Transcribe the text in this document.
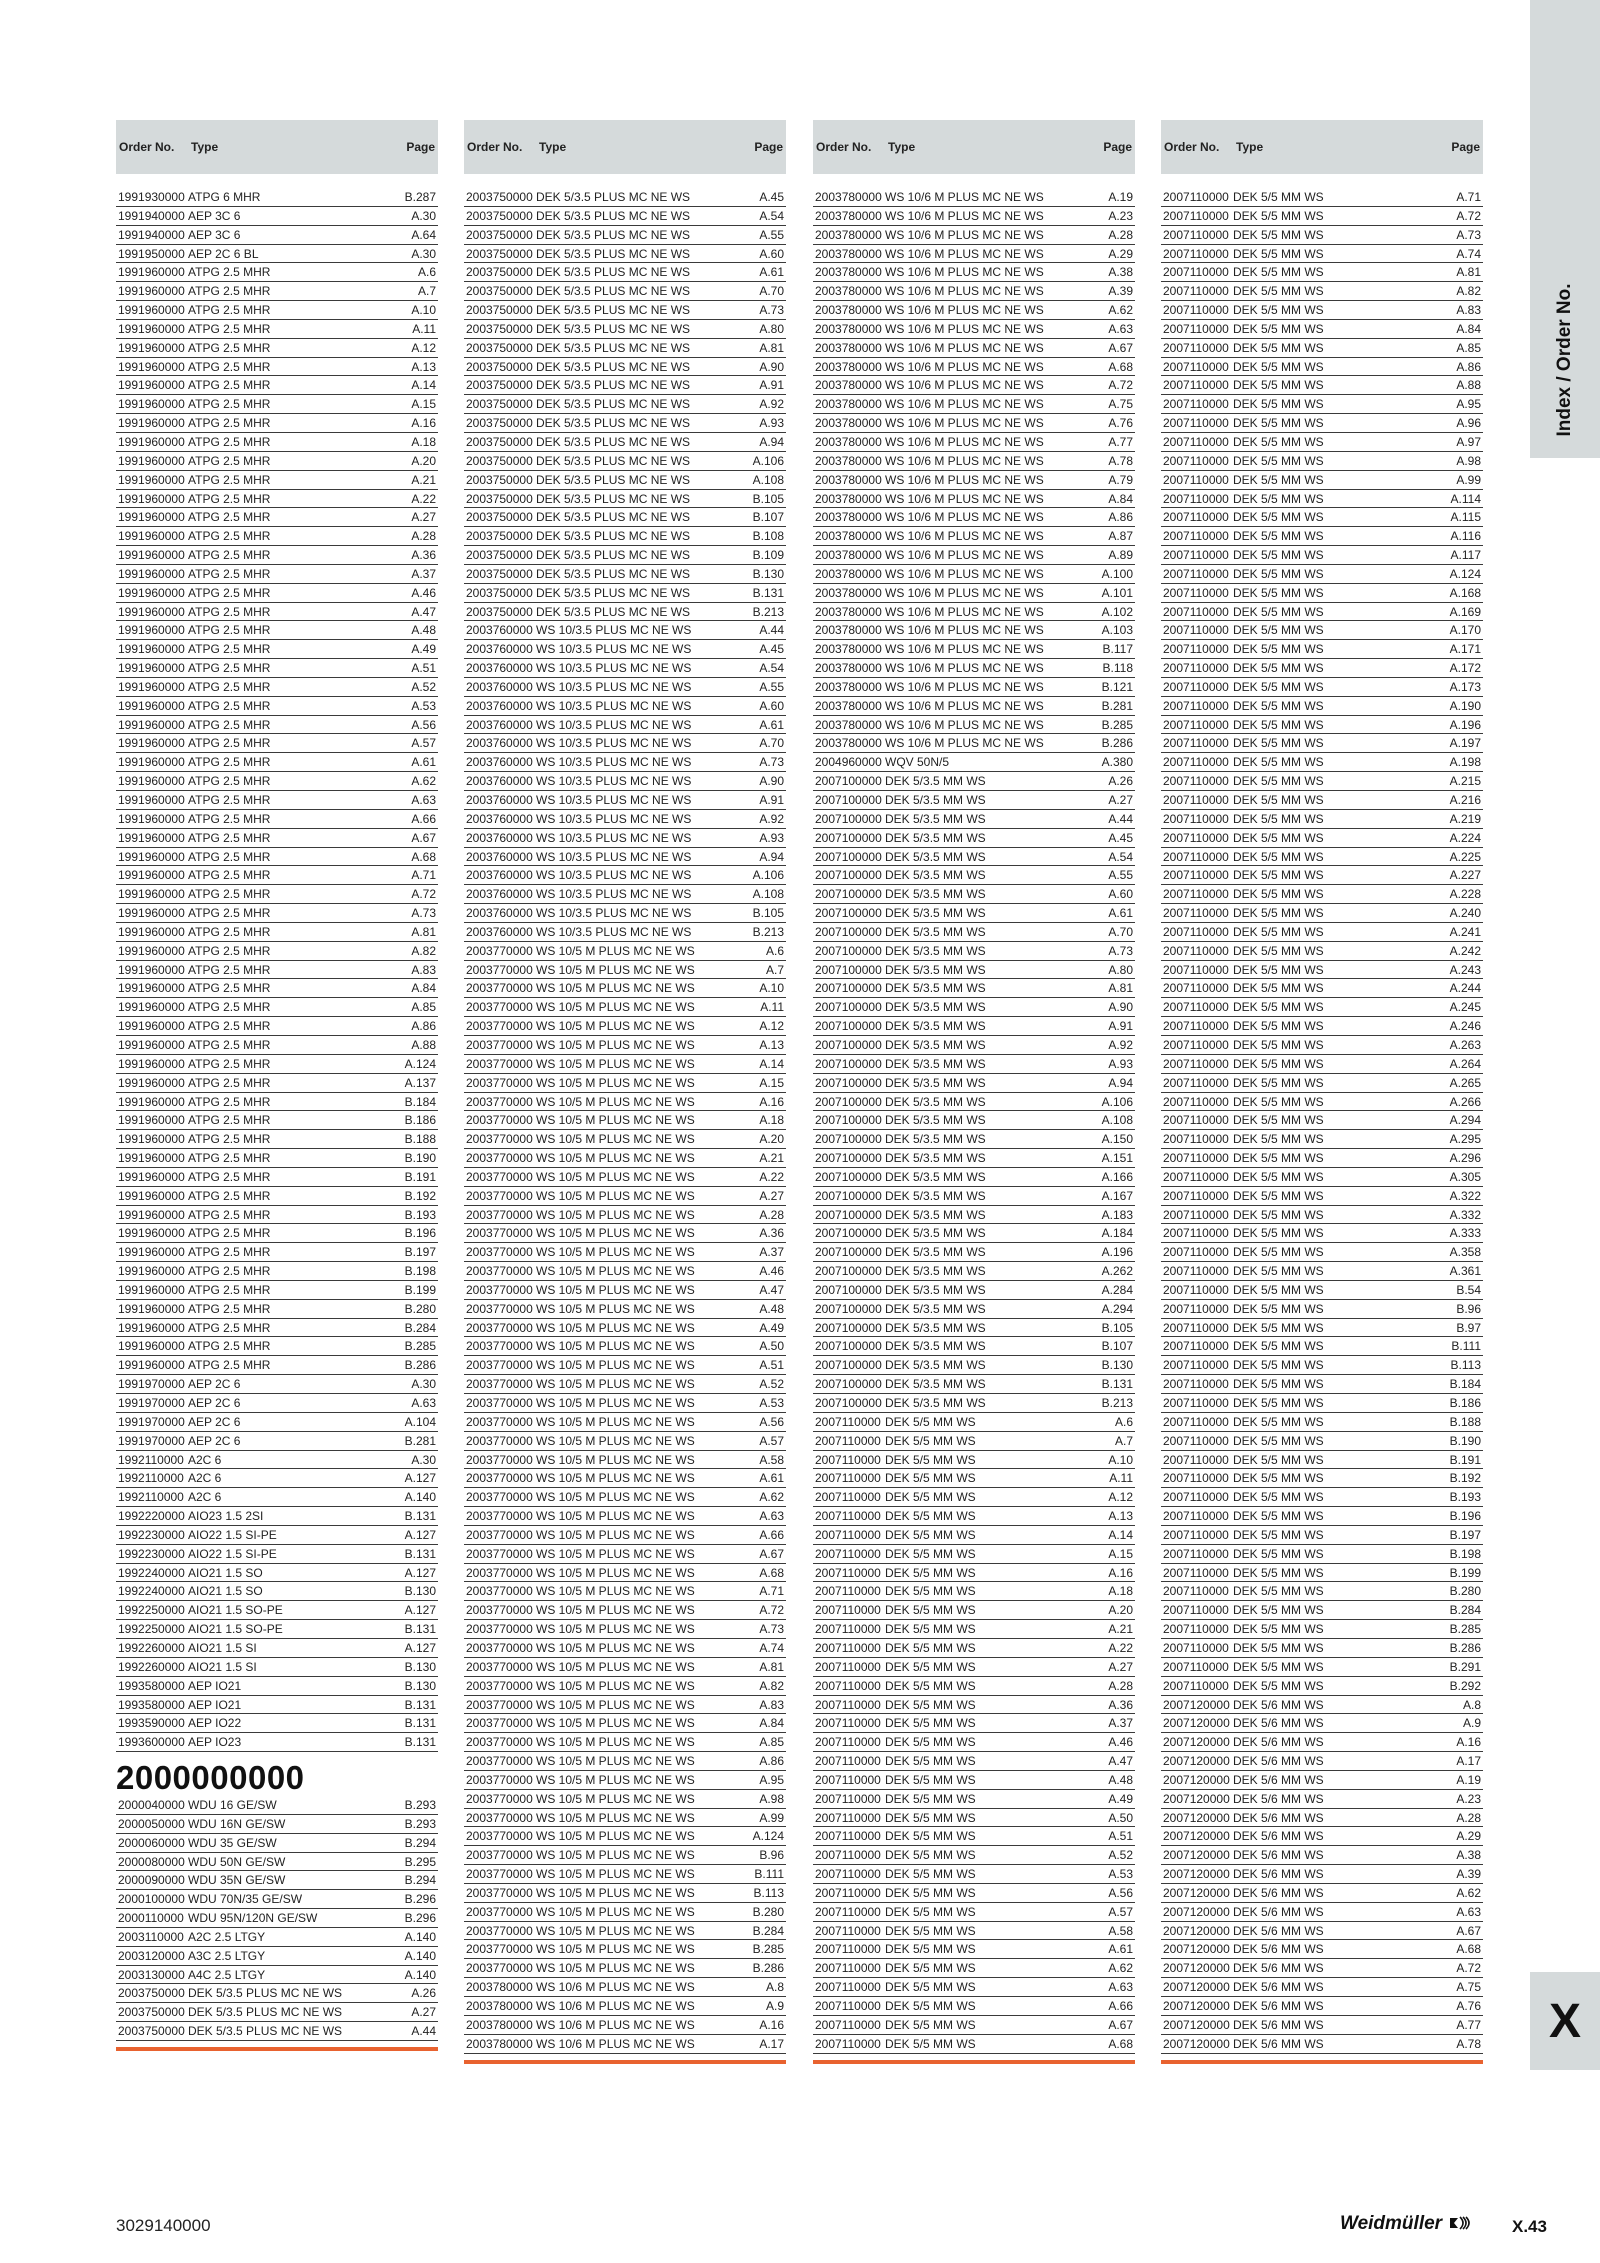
Order No.	Type	Page
1991930000 ATPG 6 MHR	B.287
1991940000 AEP 3C 6	A.30
1991940000 AEP 3C 6	A.64
1991950000 AEP 2C 6 BL	A.30
1991960000 ATPG 2.5 MHR	A.6
1991960000 ATPG 2.5 MHR	A.7
1991960000 ATPG 2.5 MHR	A.10
1991960000 ATPG 2.5 MHR	A.11
1991960000 ATPG 2.5 MHR	A.12
1991960000 ATPG 2.5 MHR	A.13
1991960000 ATPG 2.5 MHR	A.14
1991960000 ATPG 2.5 MHR	A.15
1991960000 ATPG 2.5 MHR	A.16
1991960000 ATPG 2.5 MHR	A.18
1991960000 ATPG 2.5 MHR	A.20
1991960000 ATPG 2.5 MHR	A.21
1991960000 ATPG 2.5 MHR	A.22
1991960000 ATPG 2.5 MHR	A.27
1991960000 ATPG 2.5 MHR	A.28
1991960000 ATPG 2.5 MHR	A.36
1991960000 ATPG 2.5 MHR	A.37
1991960000 ATPG 2.5 MHR	A.46
1991960000 ATPG 2.5 MHR	A.47
1991960000 ATPG 2.5 MHR	A.48
1991960000 ATPG 2.5 MHR	A.49
1991960000 ATPG 2.5 MHR	A.51
1991960000 ATPG 2.5 MHR	A.52
1991960000 ATPG 2.5 MHR	A.53
1991960000 ATPG 2.5 MHR	A.56
1991960000 ATPG 2.5 MHR	A.57
1991960000 ATPG 2.5 MHR	A.61
1991960000 ATPG 2.5 MHR	A.62
1991960000 ATPG 2.5 MHR	A.63
1991960000 ATPG 2.5 MHR	A.66
1991960000 ATPG 2.5 MHR	A.67
1991960000 ATPG 2.5 MHR	A.68
1991960000 ATPG 2.5 MHR	A.71
1991960000 ATPG 2.5 MHR	A.72
1991960000 ATPG 2.5 MHR	A.73
1991960000 ATPG 2.5 MHR	A.81
1991960000 ATPG 2.5 MHR	A.82
1991960000 ATPG 2.5 MHR	A.83
1991960000 ATPG 2.5 MHR	A.84
1991960000 ATPG 2.5 MHR	A.85
1991960000 ATPG 2.5 MHR	A.86
1991960000 ATPG 2.5 MHR	A.88
1991960000 ATPG 2.5 MHR	A.124
1991960000 ATPG 2.5 MHR	A.137
1991960000 ATPG 2.5 MHR	B.184
1991960000 ATPG 2.5 MHR	B.186
1991960000 ATPG 2.5 MHR	B.188
1991960000 ATPG 2.5 MHR	B.190
1991960000 ATPG 2.5 MHR	B.191
1991960000 ATPG 2.5 MHR	B.192
1991960000 ATPG 2.5 MHR	B.193
1991960000 ATPG 2.5 MHR	B.196
1991960000 ATPG 2.5 MHR	B.197
1991960000 ATPG 2.5 MHR	B.198
1991960000 ATPG 2.5 MHR	B.199
1991960000 ATPG 2.5 MHR	B.280
1991960000 ATPG 2.5 MHR	B.284
1991960000 ATPG 2.5 MHR	B.285
1991960000 ATPG 2.5 MHR	B.286
1991970000 AEP 2C 6	A.30
1991970000 AEP 2C 6	A.63
1991970000 AEP 2C 6	A.104
1991970000 AEP 2C 6	B.281
1992110000 A2C 6	A.30
1992110000 A2C 6	A.127
1992110000 A2C 6	A.140
1992220000 AIO23 1.5 2SI	B.131
1992230000 AIO22 1.5 SI-PE	A.127
1992230000 AIO22 1.5 SI-PE	B.131
1992240000 AIO21 1.5 SO	A.127
1992240000 AIO21 1.5 SO	B.130
1992250000 AIO21 1.5 SO-PE	A.127
1992250000 AIO21 1.5 SO-PE	B.131
1992260000 AIO21 1.5 SI	A.127
1992260000 AIO21 1.5 SI	B.130
1993580000 AEP IO21	B.130
1993580000 AEP IO21	B.131
1993590000 AEP IO22	B.131
1993600000 AEP IO23	B.131
2000000000
2000040000 WDU 16 GE/SW	B.293
2000050000 WDU 16N GE/SW	B.293
2000060000 WDU 35 GE/SW	B.294
2000080000 WDU 50N GE/SW	B.295
2000090000 WDU 35N GE/SW	B.294
2000100000 WDU 70N/35 GE/SW	B.296
2000110000 WDU 95N/120N GE/SW	B.296
2003110000 A2C 2.5 LTGY	A.140
2003120000 A3C 2.5 LTGY	A.140
2003130000 A4C 2.5 LTGY	A.140
2003750000 DEK 5/3.5 PLUS MC NE WS	A.26
2003750000 DEK 5/3.5 PLUS MC NE WS	A.27
2003750000 DEK 5/3.5 PLUS MC NE WS	A.44
Order No.	Type	Page
2003750000 DEK 5/3.5 PLUS MC NE WS	A.45
2003750000 DEK 5/3.5 PLUS MC NE WS	A.54
2003750000 DEK 5/3.5 PLUS MC NE WS	A.55
2003750000 DEK 5/3.5 PLUS MC NE WS	A.60
2003750000 DEK 5/3.5 PLUS MC NE WS	A.61
2003750000 DEK 5/3.5 PLUS MC NE WS	A.70
2003750000 DEK 5/3.5 PLUS MC NE WS	A.73
2003750000 DEK 5/3.5 PLUS MC NE WS	A.80
2003750000 DEK 5/3.5 PLUS MC NE WS	A.81
2003750000 DEK 5/3.5 PLUS MC NE WS	A.90
2003750000 DEK 5/3.5 PLUS MC NE WS	A.91
2003750000 DEK 5/3.5 PLUS MC NE WS	A.92
2003750000 DEK 5/3.5 PLUS MC NE WS	A.93
2003750000 DEK 5/3.5 PLUS MC NE WS	A.94
2003750000 DEK 5/3.5 PLUS MC NE WS	A.106
2003750000 DEK 5/3.5 PLUS MC NE WS	A.108
2003750000 DEK 5/3.5 PLUS MC NE WS	B.105
2003750000 DEK 5/3.5 PLUS MC NE WS	B.107
2003750000 DEK 5/3.5 PLUS MC NE WS	B.108
2003750000 DEK 5/3.5 PLUS MC NE WS	B.109
2003750000 DEK 5/3.5 PLUS MC NE WS	B.130
2003750000 DEK 5/3.5 PLUS MC NE WS	B.131
2003750000 DEK 5/3.5 PLUS MC NE WS	B.213
2003760000 WS 10/3.5 PLUS MC NE WS	A.44
2003760000 WS 10/3.5 PLUS MC NE WS	A.45
2003760000 WS 10/3.5 PLUS MC NE WS	A.54
2003760000 WS 10/3.5 PLUS MC NE WS	A.55
2003760000 WS 10/3.5 PLUS MC NE WS	A.60
2003760000 WS 10/3.5 PLUS MC NE WS	A.61
2003760000 WS 10/3.5 PLUS MC NE WS	A.70
2003760000 WS 10/3.5 PLUS MC NE WS	A.73
2003760000 WS 10/3.5 PLUS MC NE WS	A.90
2003760000 WS 10/3.5 PLUS MC NE WS	A.91
2003760000 WS 10/3.5 PLUS MC NE WS	A.92
2003760000 WS 10/3.5 PLUS MC NE WS	A.93
2003760000 WS 10/3.5 PLUS MC NE WS	A.94
2003760000 WS 10/3.5 PLUS MC NE WS	A.106
2003760000 WS 10/3.5 PLUS MC NE WS	A.108
2003760000 WS 10/3.5 PLUS MC NE WS	B.105
2003760000 WS 10/3.5 PLUS MC NE WS	B.213
2003770000 WS 10/5 M PLUS MC NE WS	A.6
2003770000 WS 10/5 M PLUS MC NE WS	A.7
2003770000 WS 10/5 M PLUS MC NE WS	A.10
2003770000 WS 10/5 M PLUS MC NE WS	A.11
2003770000 WS 10/5 M PLUS MC NE WS	A.12
2003770000 WS 10/5 M PLUS MC NE WS	A.13
2003770000 WS 10/5 M PLUS MC NE WS	A.14
2003770000 WS 10/5 M PLUS MC NE WS	A.15
2003770000 WS 10/5 M PLUS MC NE WS	A.16
2003770000 WS 10/5 M PLUS MC NE WS	A.18
2003770000 WS 10/5 M PLUS MC NE WS	A.20
2003770000 WS 10/5 M PLUS MC NE WS	A.21
2003770000 WS 10/5 M PLUS MC NE WS	A.22
2003770000 WS 10/5 M PLUS MC NE WS	A.27
2003770000 WS 10/5 M PLUS MC NE WS	A.28
2003770000 WS 10/5 M PLUS MC NE WS	A.36
2003770000 WS 10/5 M PLUS MC NE WS	A.37
2003770000 WS 10/5 M PLUS MC NE WS	A.46
2003770000 WS 10/5 M PLUS MC NE WS	A.47
2003770000 WS 10/5 M PLUS MC NE WS	A.48
2003770000 WS 10/5 M PLUS MC NE WS	A.49
2003770000 WS 10/5 M PLUS MC NE WS	A.50
2003770000 WS 10/5 M PLUS MC NE WS	A.51
2003770000 WS 10/5 M PLUS MC NE WS	A.52
2003770000 WS 10/5 M PLUS MC NE WS	A.53
2003770000 WS 10/5 M PLUS MC NE WS	A.56
2003770000 WS 10/5 M PLUS MC NE WS	A.57
2003770000 WS 10/5 M PLUS MC NE WS	A.58
2003770000 WS 10/5 M PLUS MC NE WS	A.61
2003770000 WS 10/5 M PLUS MC NE WS	A.62
2003770000 WS 10/5 M PLUS MC NE WS	A.63
2003770000 WS 10/5 M PLUS MC NE WS	A.66
2003770000 WS 10/5 M PLUS MC NE WS	A.67
2003770000 WS 10/5 M PLUS MC NE WS	A.68
2003770000 WS 10/5 M PLUS MC NE WS	A.71
2003770000 WS 10/5 M PLUS MC NE WS	A.72
2003770000 WS 10/5 M PLUS MC NE WS	A.73
2003770000 WS 10/5 M PLUS MC NE WS	A.74
2003770000 WS 10/5 M PLUS MC NE WS	A.81
2003770000 WS 10/5 M PLUS MC NE WS	A.82
2003770000 WS 10/5 M PLUS MC NE WS	A.83
2003770000 WS 10/5 M PLUS MC NE WS	A.84
2003770000 WS 10/5 M PLUS MC NE WS	A.85
2003770000 WS 10/5 M PLUS MC NE WS	A.86
2003770000 WS 10/5 M PLUS MC NE WS	A.95
2003770000 WS 10/5 M PLUS MC NE WS	A.98
2003770000 WS 10/5 M PLUS MC NE WS	A.99
2003770000 WS 10/5 M PLUS MC NE WS	A.124
2003770000 WS 10/5 M PLUS MC NE WS	B.96
2003770000 WS 10/5 M PLUS MC NE WS	B.111
2003770000 WS 10/5 M PLUS MC NE WS	B.113
2003770000 WS 10/5 M PLUS MC NE WS	B.280
2003770000 WS 10/5 M PLUS MC NE WS	B.284
2003770000 WS 10/5 M PLUS MC NE WS	B.285
2003770000 WS 10/5 M PLUS MC NE WS	B.286
2003780000 WS 10/6 M PLUS MC NE WS	A.8
2003780000 WS 10/6 M PLUS MC NE WS	A.9
2003780000 WS 10/6 M PLUS MC NE WS	A.16
2003780000 WS 10/6 M PLUS MC NE WS	A.17
Order No.	Type	Page
2003780000 WS 10/6 M PLUS MC NE WS	A.19
2003780000 WS 10/6 M PLUS MC NE WS	A.23
2003780000 WS 10/6 M PLUS MC NE WS	A.28
2003780000 WS 10/6 M PLUS MC NE WS	A.29
2003780000 WS 10/6 M PLUS MC NE WS	A.38
2003780000 WS 10/6 M PLUS MC NE WS	A.39
2003780000 WS 10/6 M PLUS MC NE WS	A.62
2003780000 WS 10/6 M PLUS MC NE WS	A.63
2003780000 WS 10/6 M PLUS MC NE WS	A.67
2003780000 WS 10/6 M PLUS MC NE WS	A.68
2003780000 WS 10/6 M PLUS MC NE WS	A.72
2003780000 WS 10/6 M PLUS MC NE WS	A.75
2003780000 WS 10/6 M PLUS MC NE WS	A.76
2003780000 WS 10/6 M PLUS MC NE WS	A.77
2003780000 WS 10/6 M PLUS MC NE WS	A.78
2003780000 WS 10/6 M PLUS MC NE WS	A.79
2003780000 WS 10/6 M PLUS MC NE WS	A.84
2003780000 WS 10/6 M PLUS MC NE WS	A.86
2003780000 WS 10/6 M PLUS MC NE WS	A.87
2003780000 WS 10/6 M PLUS MC NE WS	A.89
2003780000 WS 10/6 M PLUS MC NE WS	A.100
2003780000 WS 10/6 M PLUS MC NE WS	A.101
2003780000 WS 10/6 M PLUS MC NE WS	A.102
2003780000 WS 10/6 M PLUS MC NE WS	A.103
2003780000 WS 10/6 M PLUS MC NE WS	B.117
2003780000 WS 10/6 M PLUS MC NE WS	B.118
2003780000 WS 10/6 M PLUS MC NE WS	B.121
2003780000 WS 10/6 M PLUS MC NE WS	B.281
2003780000 WS 10/6 M PLUS MC NE WS	B.285
2003780000 WS 10/6 M PLUS MC NE WS	B.286
2004960000 WQV 50N/5	A.380
2007100000 DEK 5/3.5 MM WS	A.26
2007100000 DEK 5/3.5 MM WS	A.27
2007100000 DEK 5/3.5 MM WS	A.44
2007100000 DEK 5/3.5 MM WS	A.45
2007100000 DEK 5/3.5 MM WS	A.54
2007100000 DEK 5/3.5 MM WS	A.55
2007100000 DEK 5/3.5 MM WS	A.60
2007100000 DEK 5/3.5 MM WS	A.61
2007100000 DEK 5/3.5 MM WS	A.70
2007100000 DEK 5/3.5 MM WS	A.73
2007100000 DEK 5/3.5 MM WS	A.80
2007100000 DEK 5/3.5 MM WS	A.81
2007100000 DEK 5/3.5 MM WS	A.90
2007100000 DEK 5/3.5 MM WS	A.91
2007100000 DEK 5/3.5 MM WS	A.92
2007100000 DEK 5/3.5 MM WS	A.93
2007100000 DEK 5/3.5 MM WS	A.94
2007100000 DEK 5/3.5 MM WS	A.106
2007100000 DEK 5/3.5 MM WS	A.108
2007100000 DEK 5/3.5 MM WS	A.150
2007100000 DEK 5/3.5 MM WS	A.151
2007100000 DEK 5/3.5 MM WS	A.166
2007100000 DEK 5/3.5 MM WS	A.167
2007100000 DEK 5/3.5 MM WS	A.183
2007100000 DEK 5/3.5 MM WS	A.184
2007100000 DEK 5/3.5 MM WS	A.196
2007100000 DEK 5/3.5 MM WS	A.262
2007100000 DEK 5/3.5 MM WS	A.284
2007100000 DEK 5/3.5 MM WS	A.294
2007100000 DEK 5/3.5 MM WS	B.105
2007100000 DEK 5/3.5 MM WS	B.107
2007100000 DEK 5/3.5 MM WS	B.130
2007100000 DEK 5/3.5 MM WS	B.131
2007100000 DEK 5/3.5 MM WS	B.213
2007110000 DEK 5/5 MM WS	A.6
2007110000 DEK 5/5 MM WS	A.7
2007110000 DEK 5/5 MM WS	A.10
2007110000 DEK 5/5 MM WS	A.11
2007110000 DEK 5/5 MM WS	A.12
2007110000 DEK 5/5 MM WS	A.13
2007110000 DEK 5/5 MM WS	A.14
2007110000 DEK 5/5 MM WS	A.15
2007110000 DEK 5/5 MM WS	A.16
2007110000 DEK 5/5 MM WS	A.18
2007110000 DEK 5/5 MM WS	A.20
2007110000 DEK 5/5 MM WS	A.21
2007110000 DEK 5/5 MM WS	A.22
2007110000 DEK 5/5 MM WS	A.27
2007110000 DEK 5/5 MM WS	A.28
2007110000 DEK 5/5 MM WS	A.36
2007110000 DEK 5/5 MM WS	A.37
2007110000 DEK 5/5 MM WS	A.46
2007110000 DEK 5/5 MM WS	A.47
2007110000 DEK 5/5 MM WS	A.48
2007110000 DEK 5/5 MM WS	A.49
2007110000 DEK 5/5 MM WS	A.50
2007110000 DEK 5/5 MM WS	A.51
2007110000 DEK 5/5 MM WS	A.52
2007110000 DEK 5/5 MM WS	A.53
2007110000 DEK 5/5 MM WS	A.56
2007110000 DEK 5/5 MM WS	A.57
2007110000 DEK 5/5 MM WS	A.58
2007110000 DEK 5/5 MM WS	A.61
2007110000 DEK 5/5 MM WS	A.62
2007110000 DEK 5/5 MM WS	A.63
2007110000 DEK 5/5 MM WS	A.66
2007110000 DEK 5/5 MM WS	A.67
2007110000 DEK 5/5 MM WS	A.68
Order No.	Type	Page
2007110000 DEK 5/5 MM WS	A.71
2007110000 DEK 5/5 MM WS	A.72
2007110000 DEK 5/5 MM WS	A.73
2007110000 DEK 5/5 MM WS	A.74
2007110000 DEK 5/5 MM WS	A.81
2007110000 DEK 5/5 MM WS	A.82
2007110000 DEK 5/5 MM WS	A.83
2007110000 DEK 5/5 MM WS	A.84
2007110000 DEK 5/5 MM WS	A.85
2007110000 DEK 5/5 MM WS	A.86
2007110000 DEK 5/5 MM WS	A.88
2007110000 DEK 5/5 MM WS	A.95
2007110000 DEK 5/5 MM WS	A.96
2007110000 DEK 5/5 MM WS	A.97
2007110000 DEK 5/5 MM WS	A.98
2007110000 DEK 5/5 MM WS	A.99
2007110000 DEK 5/5 MM WS	A.114
2007110000 DEK 5/5 MM WS	A.115
2007110000 DEK 5/5 MM WS	A.116
2007110000 DEK 5/5 MM WS	A.117
2007110000 DEK 5/5 MM WS	A.124
2007110000 DEK 5/5 MM WS	A.168
2007110000 DEK 5/5 MM WS	A.169
2007110000 DEK 5/5 MM WS	A.170
2007110000 DEK 5/5 MM WS	A.171
2007110000 DEK 5/5 MM WS	A.172
2007110000 DEK 5/5 MM WS	A.173
2007110000 DEK 5/5 MM WS	A.190
2007110000 DEK 5/5 MM WS	A.196
2007110000 DEK 5/5 MM WS	A.197
2007110000 DEK 5/5 MM WS	A.198
2007110000 DEK 5/5 MM WS	A.215
2007110000 DEK 5/5 MM WS	A.216
2007110000 DEK 5/5 MM WS	A.219
2007110000 DEK 5/5 MM WS	A.224
2007110000 DEK 5/5 MM WS	A.225
2007110000 DEK 5/5 MM WS	A.227
2007110000 DEK 5/5 MM WS	A.228
2007110000 DEK 5/5 MM WS	A.240
2007110000 DEK 5/5 MM WS	A.241
2007110000 DEK 5/5 MM WS	A.242
2007110000 DEK 5/5 MM WS	A.243
2007110000 DEK 5/5 MM WS	A.244
2007110000 DEK 5/5 MM WS	A.245
2007110000 DEK 5/5 MM WS	A.246
2007110000 DEK 5/5 MM WS	A.263
2007110000 DEK 5/5 MM WS	A.264
2007110000 DEK 5/5 MM WS	A.265
2007110000 DEK 5/5 MM WS	A.266
2007110000 DEK 5/5 MM WS	A.294
2007110000 DEK 5/5 MM WS	A.295
2007110000 DEK 5/5 MM WS	A.296
2007110000 DEK 5/5 MM WS	A.305
2007110000 DEK 5/5 MM WS	A.322
2007110000 DEK 5/5 MM WS	A.332
2007110000 DEK 5/5 MM WS	A.333
2007110000 DEK 5/5 MM WS	A.358
2007110000 DEK 5/5 MM WS	A.361
2007110000 DEK 5/5 MM WS	B.54
2007110000 DEK 5/5 MM WS	B.96
2007110000 DEK 5/5 MM WS	B.97
2007110000 DEK 5/5 MM WS	B.111
2007110000 DEK 5/5 MM WS	B.113
2007110000 DEK 5/5 MM WS	B.184
2007110000 DEK 5/5 MM WS	B.186
2007110000 DEK 5/5 MM WS	B.188
2007110000 DEK 5/5 MM WS	B.190
2007110000 DEK 5/5 MM WS	B.191
2007110000 DEK 5/5 MM WS	B.192
2007110000 DEK 5/5 MM WS	B.193
2007110000 DEK 5/5 MM WS	B.196
2007110000 DEK 5/5 MM WS	B.197
2007110000 DEK 5/5 MM WS	B.198
2007110000 DEK 5/5 MM WS	B.199
2007110000 DEK 5/5 MM WS	B.280
2007110000 DEK 5/5 MM WS	B.284
2007110000 DEK 5/5 MM WS	B.285
2007110000 DEK 5/5 MM WS	B.286
2007110000 DEK 5/5 MM WS	B.291
2007110000 DEK 5/5 MM WS	B.292
2007120000 DEK 5/6 MM WS	A.8
2007120000 DEK 5/6 MM WS	A.9
2007120000 DEK 5/6 MM WS	A.16
2007120000 DEK 5/6 MM WS	A.17
2007120000 DEK 5/6 MM WS	A.19
2007120000 DEK 5/6 MM WS	A.23
2007120000 DEK 5/6 MM WS	A.28
2007120000 DEK 5/6 MM WS	A.29
2007120000 DEK 5/6 MM WS	A.38
2007120000 DEK 5/6 MM WS	A.39
2007120000 DEK 5/6 MM WS	A.62
2007120000 DEK 5/6 MM WS	A.63
2007120000 DEK 5/6 MM WS	A.67
2007120000 DEK 5/6 MM WS	A.68
2007120000 DEK 5/6 MM WS	A.72
2007120000 DEK 5/6 MM WS	A.75
2007120000 DEK 5/6 MM WS	A.76
2007120000 DEK 5/6 MM WS	A.77
2007120000 DEK 5/6 MM WS	A.78
Index / Order No.
X
3029140000	Weidmüller	X.43
